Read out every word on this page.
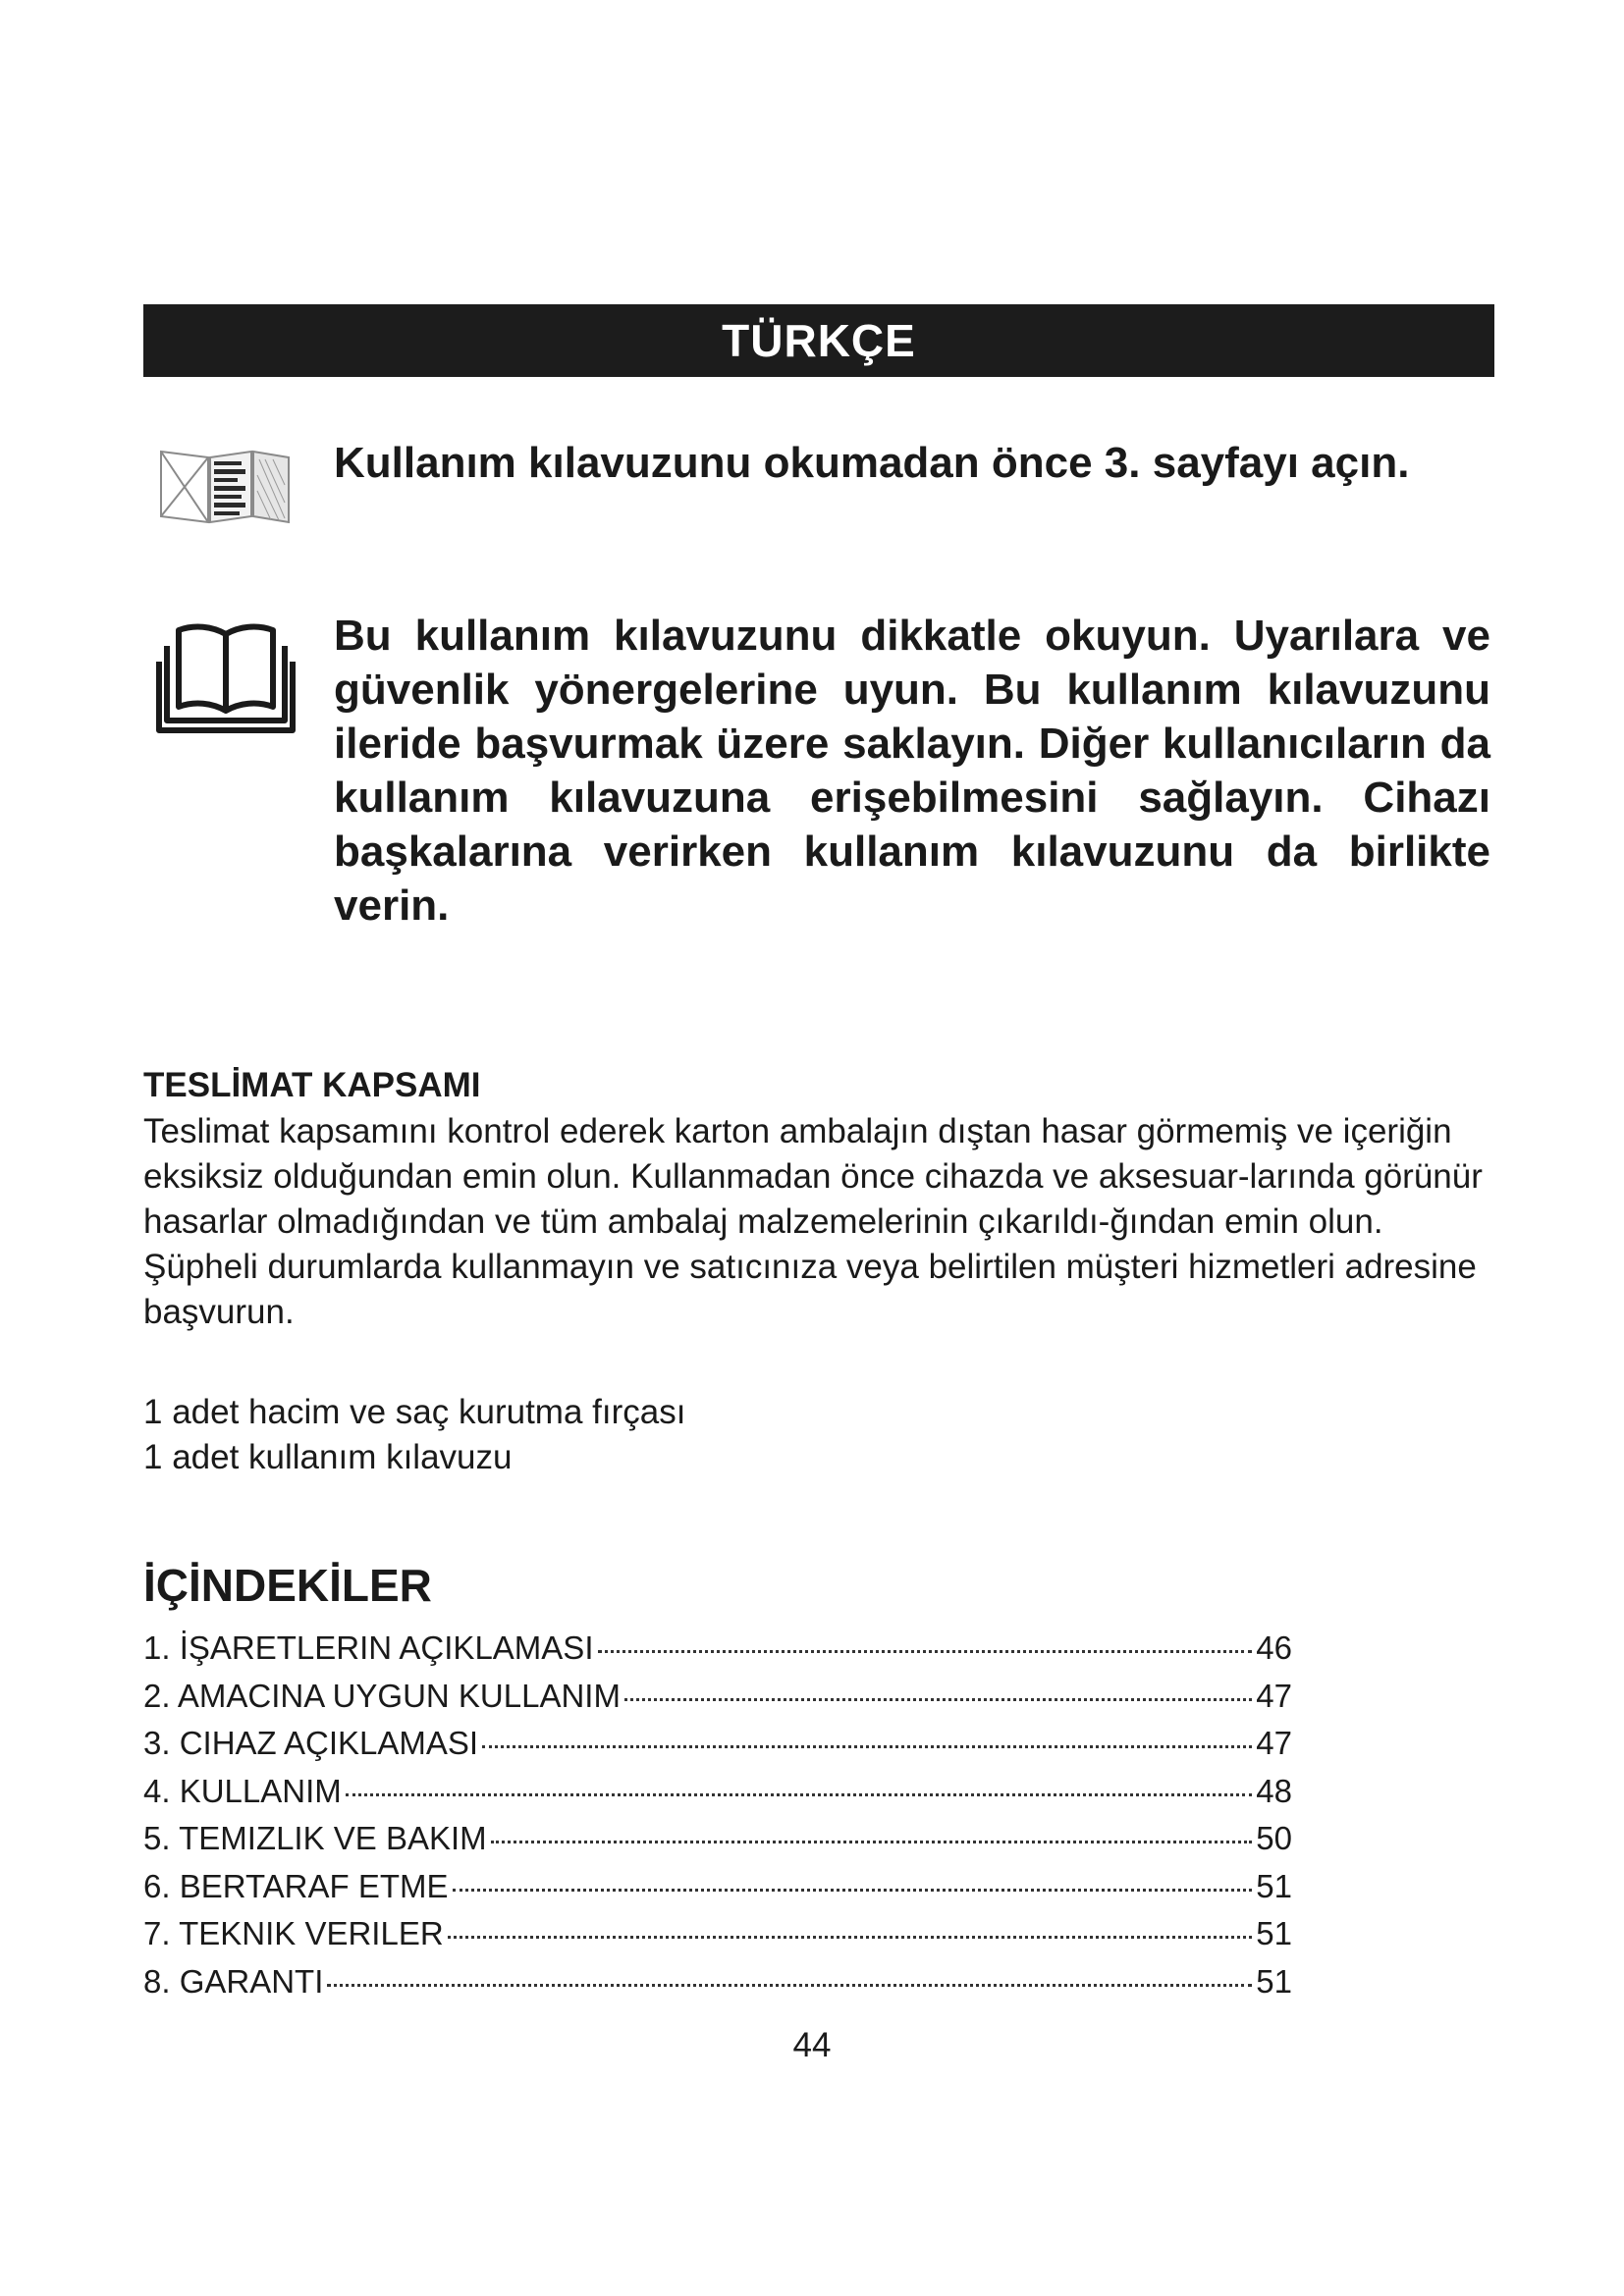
TÜRKÇE

Kullanım kılavuzunu okumadan önce 3. sayfayı açın.

Bu kullanım kılavuzunu dikkatle okuyun. Uyarılara ve güvenlik yönergelerine uyun. Bu kullanım kılavuzunu ileride başvurmak üzere saklayın. Diğer kullanıcıların da kullanım kılavuzuna erişebilmesini sağlayın. Cihazı başkalarına verirken kullanım kılavuzunu da birlikte verin.

TESLİMAT KAPSAMI

Teslimat kapsamını kontrol ederek karton ambalajın dıştan hasar görmemiş ve içeriğin eksiksiz olduğundan emin olun. Kullanmadan önce cihazda ve aksesuar-larında görünür hasarlar olmadığından ve tüm ambalaj malzemelerinin çıkarıldı-ğından emin olun. Şüpheli durumlarda kullanmayın ve satıcınıza veya belirtilen müşteri hizmetleri adresine başvurun.

1 adet hacim ve saç kurutma fırçası
1 adet kullanım kılavuzu
İÇİNDEKİLER
1. İŞARETLERIN AÇIKLAMASI	46
2. AMACINA UYGUN KULLANIM	47
3. CIHAZ AÇIKLAMASI	47
4. KULLANIM	48
5. TEMIZLIK VE BAKIM	50
6. BERTARAF ETME	51
7. TEKNIK VERILER	51
8. GARANTI	51

44
